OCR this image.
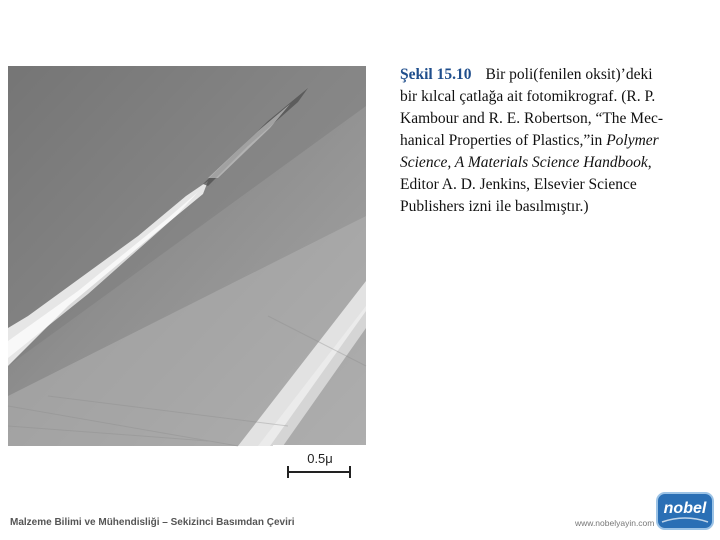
0.5μ
Şekil 15.10 Bir poli(fenilen oksit)’deki
bir kılcal çatlağa ait fotomikrograf. (R. P.
Kambour and R. E. Robertson, “The Mec-
hanical Properties of Plastics,”in Polymer
Science, A Materials Science Handbook,
Editor A. D. Jenkins, Elsevier Science
Publishers izni ile basılmıştır.)
Malzeme Bilimi ve Mühendisliği – Sekizinci Basımdan Çeviri	www.nobelyayin.com
nobel
